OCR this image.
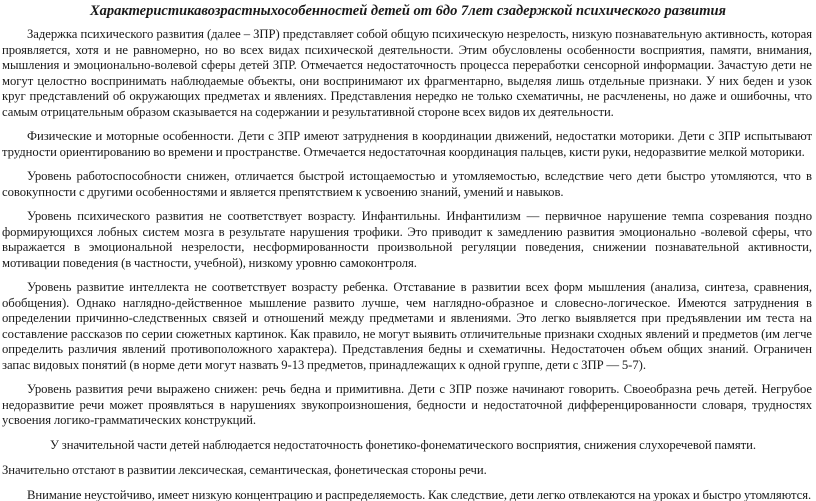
Характеристикавозрастныхособенностей детей от 6до 7лет сзадержкой психического развития

Задержка психического развития (далее – ЗПР) представляет собой общую психическую незрелость, низкую познавательную активность, которая проявляется, хотя и не равномерно, но во всех видах психической деятельности. Этим обусловлены особенности восприятия, памяти, внимания, мышления и эмоционально-волевой сферы детей ЗПР. Отмечается недостаточность процесса переработки сенсорной информации. Зачастую дети не могут целостно воспринимать наблюдаемые объекты, они воспринимают их фрагментарно, выделяя лишь отдельные признаки. У них беден и узок круг представлений об окружающих предметах и явлениях. Представления нередко не только схематичны, не расчленены, но даже и ошибочны, что самым отрицательным образом сказывается на содержании и результативной стороне всех видов их деятельности.

Физические и моторные особенности. Дети с ЗПР имеют затруднения в координации движений, недостатки моторики. Дети с ЗПР испытывают трудности ориентированию во времени и пространстве. Отмечается недостаточная координация пальцев, кисти руки, недоразвитие мелкой моторики.

Уровень работоспособности снижен, отличается быстрой истощаемостью и утомляемостью, вследствие чего дети быстро утомляются, что в совокупности с другими особенностями и является препятствием к усвоению знаний, умений и навыков.

Уровень психического развития не соответствует возрасту. Инфантильны. Инфантилизм — первичное нарушение темпа созревания поздно формирующихся лобных систем мозга в результате нарушения трофики. Это приводит к замедлению развития эмоционально -волевой сферы, что выражается в эмоциональной незрелости, несформированности произвольной регуляции поведения, снижении познавательной активности, мотивации поведения (в частности, учебной), низкому уровню самоконтроля.

Уровень развитие интеллекта не соответствует возрасту ребенка. Отставание в развитии всех форм мышления (анализа, синтеза, сравнения, обобщения). Однако наглядно-действенное мышление развито лучше, чем наглядно-образное и словесно-логическое. Имеются затруднения в определении причинно-следственных связей и отношений между предметами и явлениями. Это легко выявляется при предъявлении им теста на составление рассказов по серии сюжетных картинок. Как правило, не могут выявить отличительные признаки сходных явлений и предметов (им легче определить различия явлений противоположного характера). Представления бедны и схематичны. Недостаточен объем общих знаний. Ограничен запас видовых понятий (в норме дети могут назвать 9-13 предметов, принадлежащих к одной группе, дети с ЗПР — 5-7).

Уровень развития речи выражено снижен: речь бедна и примитивна. Дети с ЗПР позже начинают говорить. Своеобразна речь детей. Негрубое недоразвитие речи может проявляться в нарушениях звукопроизношения, бедности и недостаточной дифференцированности словаря, трудностях усвоения логико-грамматических конструкций.

У значительной части детей наблюдается недостаточность фонетико-фонематического восприятия, снижения слухоречевой памяти.

Значительно отстают в развитии лексическая, семантическая, фонетическая стороны речи.

Внимание неустойчиво, имеет низкую концентрацию и распределяемость. Как следствие, дети легко отвлекаются на уроках и быстро утомляются.
